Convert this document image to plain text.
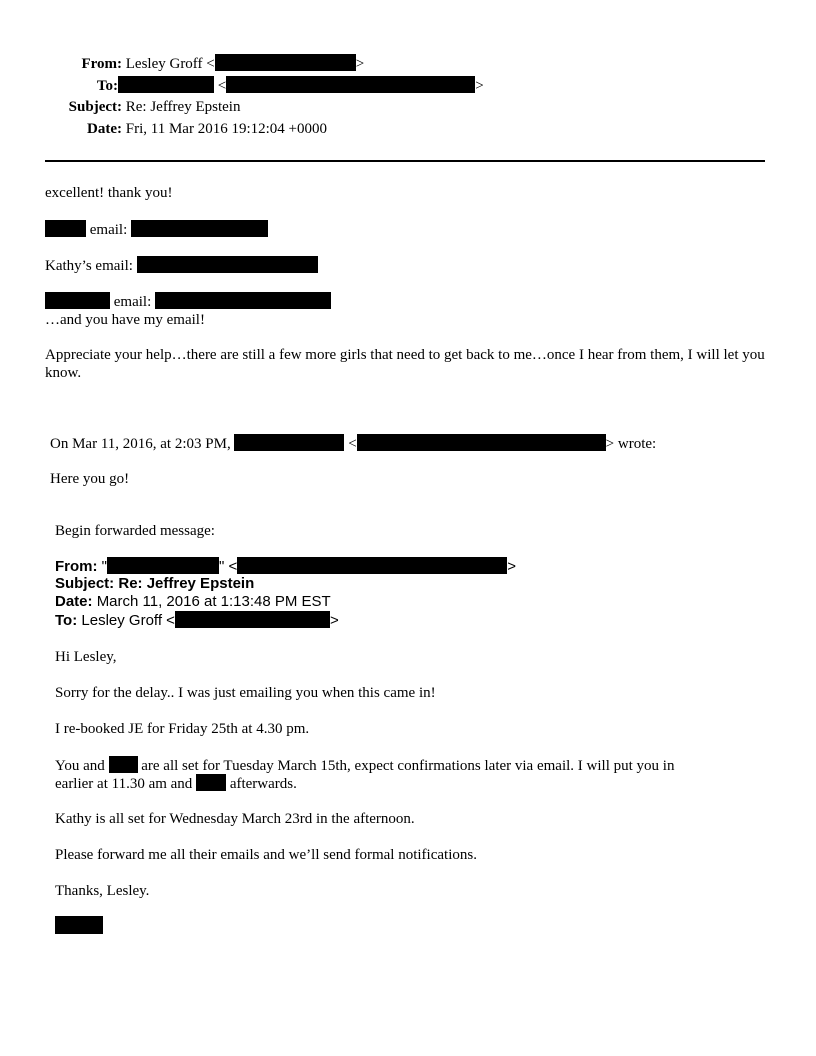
From: Lesley Groff <	>
To:	<	>
Subject: Re: Jeffrey Epstein
Date: Fri, 11 Mar 2016 19:12:04 +0000
excellent! thank you!
email:
Kathy’s email:
email:
…and you have my email!
Appreciate your help…there are still a few more girls that need to get back to me…once I hear from them, I will let you know.
On Mar 11, 2016, at 2:03 PM,	<	> wrote:
Here you go!
Begin forwarded message:
From: "	" <	>
Subject: Re: Jeffrey Epstein
Date: March 11, 2016 at 1:13:48 PM EST
To: Lesley Groff <	>
Hi Lesley,
Sorry for the delay.. I was just emailing you when this came in!
I re-booked JE for Friday 25th at 4.30 pm.
You and are all set for Tuesday March 15th, expect confirmations later via email. I will put you in
earlier at 11.30 am and	afterwards.
Kathy is all set for Wednesday March 23rd in the afternoon.
Please forward me all their emails and we’ll send formal notifications.
Thanks, Lesley.
